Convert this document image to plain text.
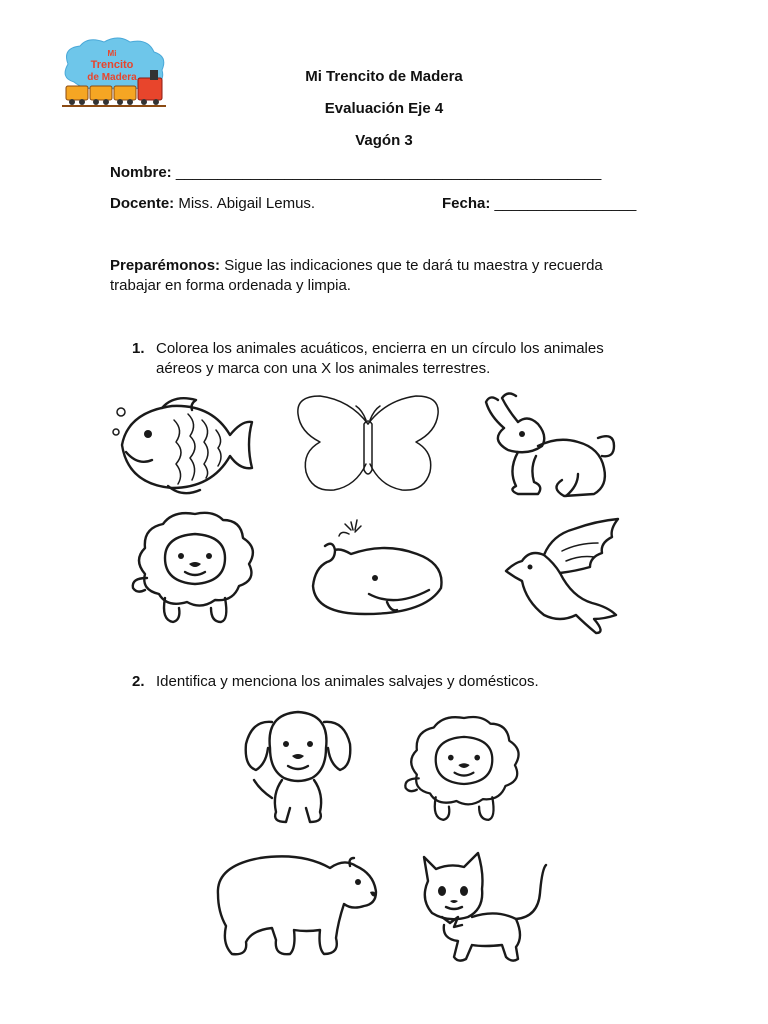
Mi
Trencito
de Madera	Mi Trencito de Madera
Evaluación Eje 4
Vagón 3
Nombre: ___________________________________________________
Docente: Miss. Abigail Lemus.	Fecha: _________________
Preparémonos: Sigue las indicaciones que te dará tu maestra y recuerda trabajar en forma ordenada y limpia.
1. Colorea los animales acuáticos, encierra en un círculo los animales aéreos y marca con una X los animales terrestres.
2. Identifica y menciona los animales salvajes y domésticos.
